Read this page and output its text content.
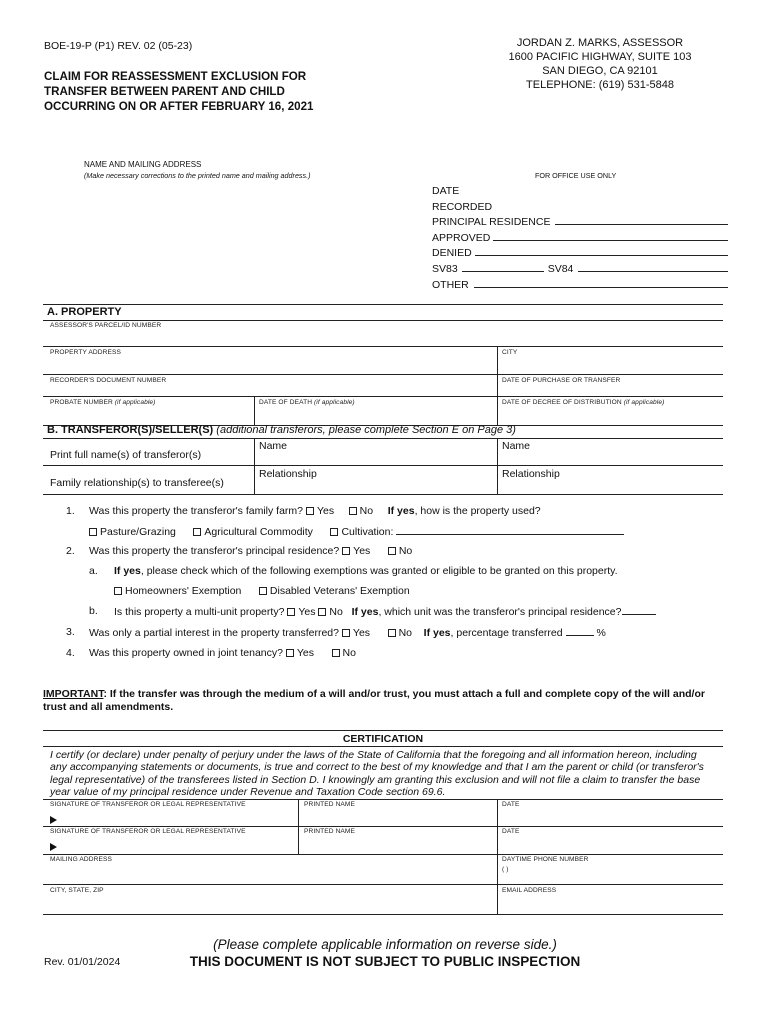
BOE-19-P (P1) REV. 02 (05-23)
CLAIM FOR REASSESSMENT EXCLUSION FOR
TRANSFER BETWEEN PARENT AND CHILD
OCCURRING ON OR AFTER FEBRUARY 16, 2021
JORDAN Z. MARKS, ASSESSOR
1600 PACIFIC HIGHWAY, SUITE 103
SAN DIEGO, CA 92101
TELEPHONE: (619) 531-5848
NAME AND MAILING ADDRESS
(Make necessary corrections to the printed name and mailing address.)	FOR OFFICE USE ONLY
DATE
RECORDED
PRINCIPAL RESIDENCE
APPROVED
DENIED
SV83	SV84
OTHER
A. PROPERTY
ASSESSOR'S PARCEL/ID NUMBER
PROPERTY ADDRESS	CITY
RECORDER'S DOCUMENT NUMBER	DATE OF PURCHASE OR TRANSFER
PROBATE NUMBER (if applicable)	DATE OF DEATH (if applicable)	DATE OF DECREE OF DISTRIBUTION (if applicable)
B. TRANSFEROR(S)/SELLER(S) (additional transferors, please complete Section E on Page 3)
Print full name(s) of transferor(s)
Name	Name
Family relationship(s) to transferee(s)
Relationship	Relationship
1. Was this property the transferor's family farm? Yes No If yes, how is the property used?
Pasture/Grazing	Agricultural Commodity	Cultivation:
2. Was this property the transferor's principal residence? Yes	No
a. If yes, please check which of the following exemptions was granted or eligible to be granted on this property.
Homeowners' Exemption	Disabled Veterans' Exemption
b. Is this property a multi-unit property? Yes No If yes, which unit was the transferor's principal residence?
3. Was only a partial interest in the property transferred? Yes	No If yes, percentage transferred	%
4. Was this property owned in joint tenancy? Yes	No
IMPORTANT: If the transfer was through the medium of a will and/or trust, you must attach a full and complete copy of the will and/or
trust and all amendments.
CERTIFICATION
I certify (or declare) under penalty of perjury under the laws of the State of California that the foregoing and all information hereon, including
any accompanying statements or documents, is true and correct to the best of my knowledge and that I am the parent or child (or transferor's
legal representative) of the transferees listed in Section D. I knowingly am granting this exclusion and will not file a claim to transfer the base
year value of my principal residence under Revenue and Taxation Code section 69.6.
SIGNATURE OF TRANSFEROR OR LEGAL REPRESENTATIVE	PRINTED NAME	DATE
SIGNATURE OF TRANSFEROR OR LEGAL REPRESENTATIVE	PRINTED NAME	DATE
MAILING ADDRESS	DAYTIME PHONE NUMBER
( )
CITY, STATE, ZIP	EMAIL ADDRESS
Rev. 01/01/2024
(Please complete applicable information on reverse side.)
THIS DOCUMENT IS NOT SUBJECT TO PUBLIC INSPECTION
